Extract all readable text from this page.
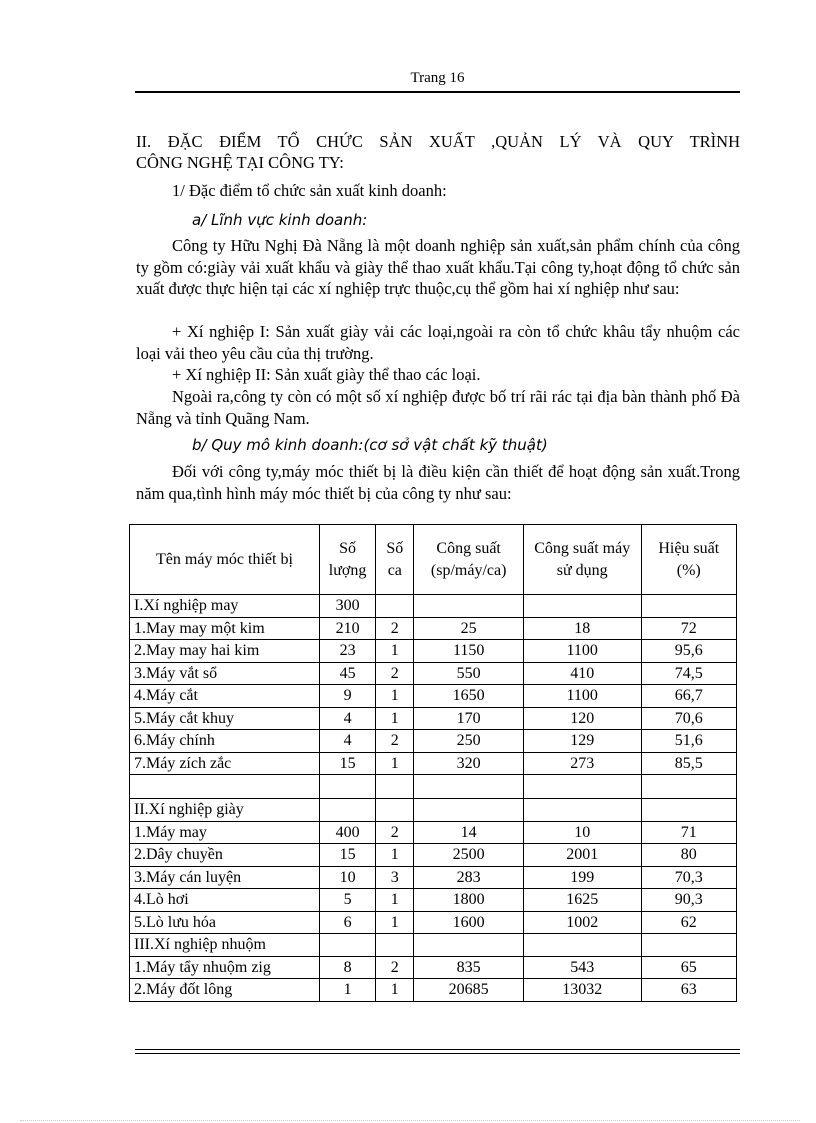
Trang 16
II. ĐẶC ĐIỂM TỔ CHỨC SẢN XUẤT ,QUẢN LÝ VÀ QUY TRÌNH
CÔNG NGHỆ TẠI CÔNG TY:
1/ Đặc điểm tổ chức sản xuất kinh doanh:
a/ Lĩnh vực kinh doanh:
Công ty Hữu Nghị Đà Nẵng là một doanh nghiệp sản xuất,sản phẩm chính của công ty gồm có:giày vải xuất khẩu và giày thể thao xuất khẩu.Tại công ty,hoạt động tổ chức sản xuất được thực hiện tại các xí nghiệp trực thuộc,cụ thể gồm hai xí nghiệp như sau:
+ Xí nghiệp I: Sản xuất giày vải các loại,ngoài ra còn tổ chức khâu tẩy nhuộm các loại vải theo yêu cầu của thị trường.
+ Xí nghiệp II: Sản xuất giày thể thao các loại.
Ngoài ra,công ty còn có một số xí nghiệp được bố trí rãi rác tại địa bàn thành phố Đà Nẵng và tỉnh Quãng Nam.
b/ Quy mô kinh doanh:(cơ sở vật chất kỹ thuật)
Đối với công ty,máy móc thiết bị là điều kiện cần thiết để hoạt động sản xuất.Trong năm qua,tình hình máy móc thiết bị của công ty như sau:
Tên máy móc thiết bị	Số lượng	Số ca	Công suất (sp/máy/ca)	Công suất máy sử dụng	Hiệu suất (%)
I.Xí nghiệp may	300				
1.May may một kim	210	2	25	18	72
2.May may hai kim	23	1	1150	1100	95,6
3.Máy vắt sổ	45	2	550	410	74,5
4.Máy cắt	9	1	1650	1100	66,7
5.Máy cắt khuy	4	1	170	120	70,6
6.Máy chính	4	2	250	129	51,6
7.Máy zích zắc	15	1	320	273	85,5

II.Xí nghiệp giày					
1.Máy may	400	2	14	10	71
2.Dây chuyền	15	1	2500	2001	80
3.Máy cán luyện	10	3	283	199	70,3
4.Lò hơi	5	1	1800	1625	90,3
5.Lò lưu hóa	6	1	1600	1002	62
III.Xí nghiệp nhuộm					
1.Máy tẩy nhuộm zig	8	2	835	543	65
2.Máy đốt lông	1	1	20685	13032	63
